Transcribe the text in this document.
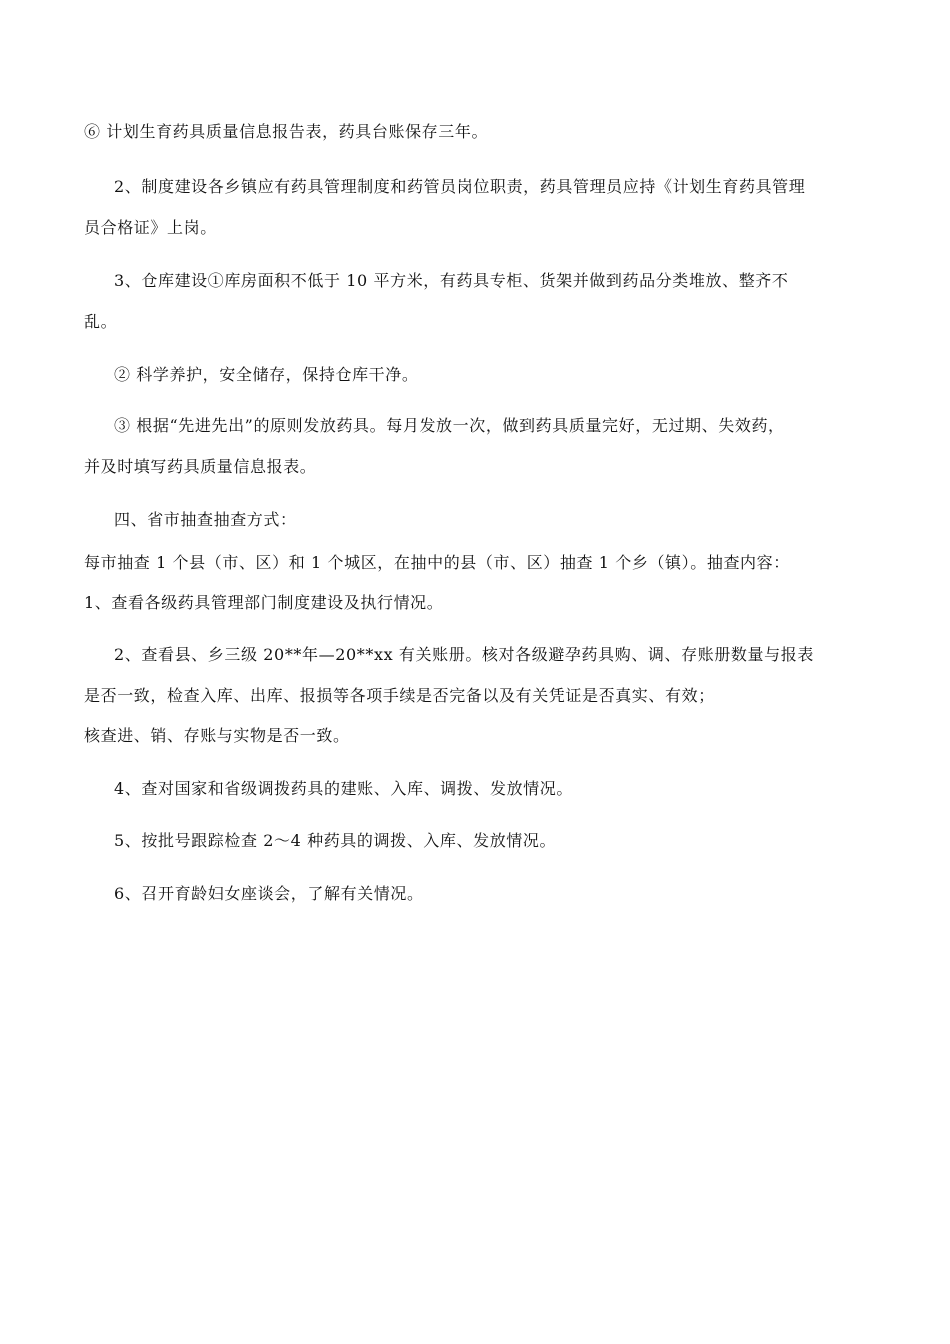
⑥ 计划生育药具质量信息报告表，药具台账保存三年。
2、制度建设各乡镇应有药具管理制度和药管员岗位职责，药具管理员应持《计划生育药具管理
员合格证》上岗。
3、仓库建设①库房面积不低于 10 平方米，有药具专柜、货架并做到药品分类堆放、整齐不
乱。
② 科学养护，安全储存，保持仓库干净。
③ 根据“先进先出”的原则发放药具。每月发放一次，做到药具质量完好，无过期、失效药，
并及时填写药具质量信息报表。
四、省市抽查抽查方式：
每市抽查 1 个县（市、区）和 1 个城区，在抽中的县（市、区）抽查 1 个乡（镇）。抽查内容：
1、查看各级药具管理部门制度建设及执行情况。
2、查看县、乡三级 20**年—20**xx 有关账册。核对各级避孕药具购、调、存账册数量与报表
是否一致，检查入库、出库、报损等各项手续是否完备以及有关凭证是否真实、有效；
核查进、销、存账与实物是否一致。
4、查对国家和省级调拨药具的建账、入库、调拨、发放情况。
5、按批号跟踪检查 2～4 种药具的调拨、入库、发放情况。
6、召开育龄妇女座谈会，了解有关情况。
